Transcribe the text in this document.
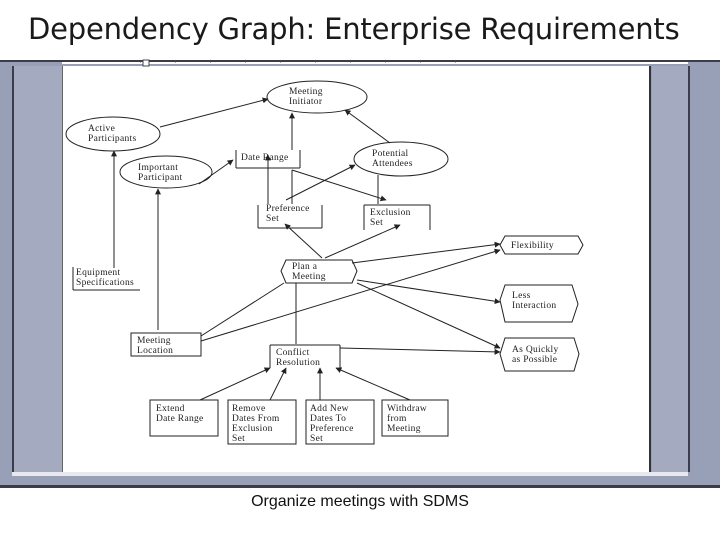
Dependency Graph: Enterprise Requirements
Meeting
Initiator
Active
Participants
Important
Participant
Date Range	Potential
Attendees
Preference
Set
Exclusion
Set
Equipment
Specifications
Plan a
Meeting
Flexibility
Less
Interaction
Meeting
Location	Conflict
Resolution
As Quickly
as Possible
Extend
Date Range
Remove
Dates From
Exclusion
Set
Add New
Dates To
Preference
Set
Withdraw
from
Meeting
Organize meetings with SDMS
